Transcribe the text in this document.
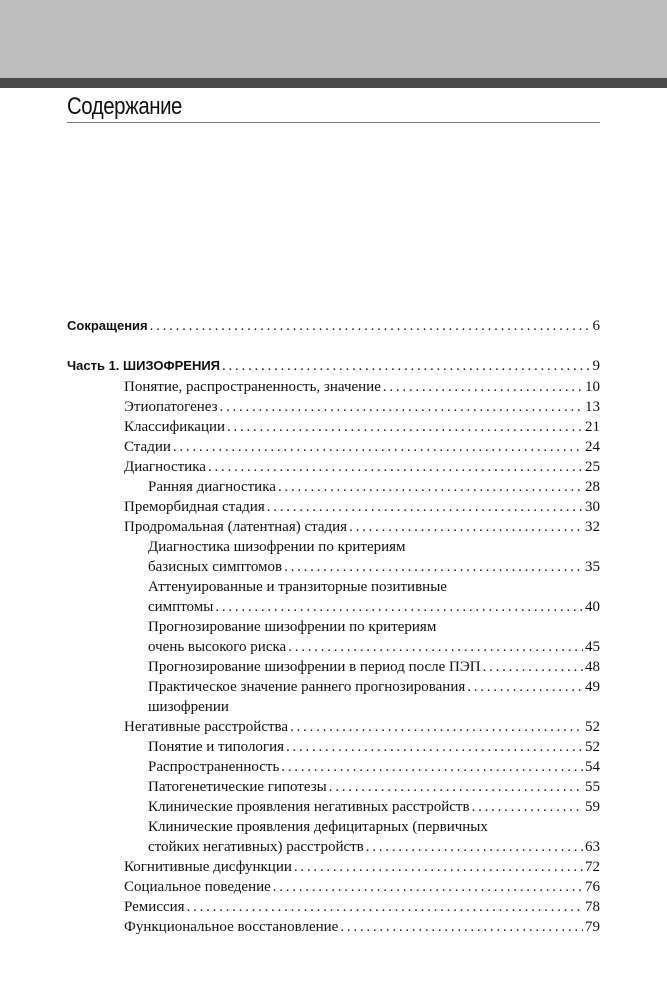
Содержание
Сокращения . . .	6
Часть 1. ШИЗОФРЕНИЯ . . .	9
Понятие, распространенность, значение . . .	10
Этиопатогенез . . .	13
Классификации . . .	21
Стадии . . .	24
Диагностика . . .	25
Ранняя диагностика . . .	28
Преморбидная стадия . . .	30
Продромальная (латентная) стадия . . .	32
Диагностика шизофрении по критериям
базисных симптомов . . .	35
Аттенуированные и транзиторные позитивные
симптомы . . .	40
Прогнозирование шизофрении по критериям
очень высокого риска . . .	45
Прогнозирование шизофрении в период после ПЭП . . .	48
Практическое значение раннего прогнозирования . . .	49
шизофрении
Негативные расстройства . . .	52
Понятие и типология . . .	52
Распространенность . . .	54
Патогенетические гипотезы . . .	55
Клинические проявления негативных расстройств . . .	59
Клинические проявления дефицитарных (первичных
стойких негативных) расстройств . . .	63
Когнитивные дисфункции . . .	72
Социальное поведение . . .	76
Ремиссия . . .	78
Функциональное восстановление . . .	79
